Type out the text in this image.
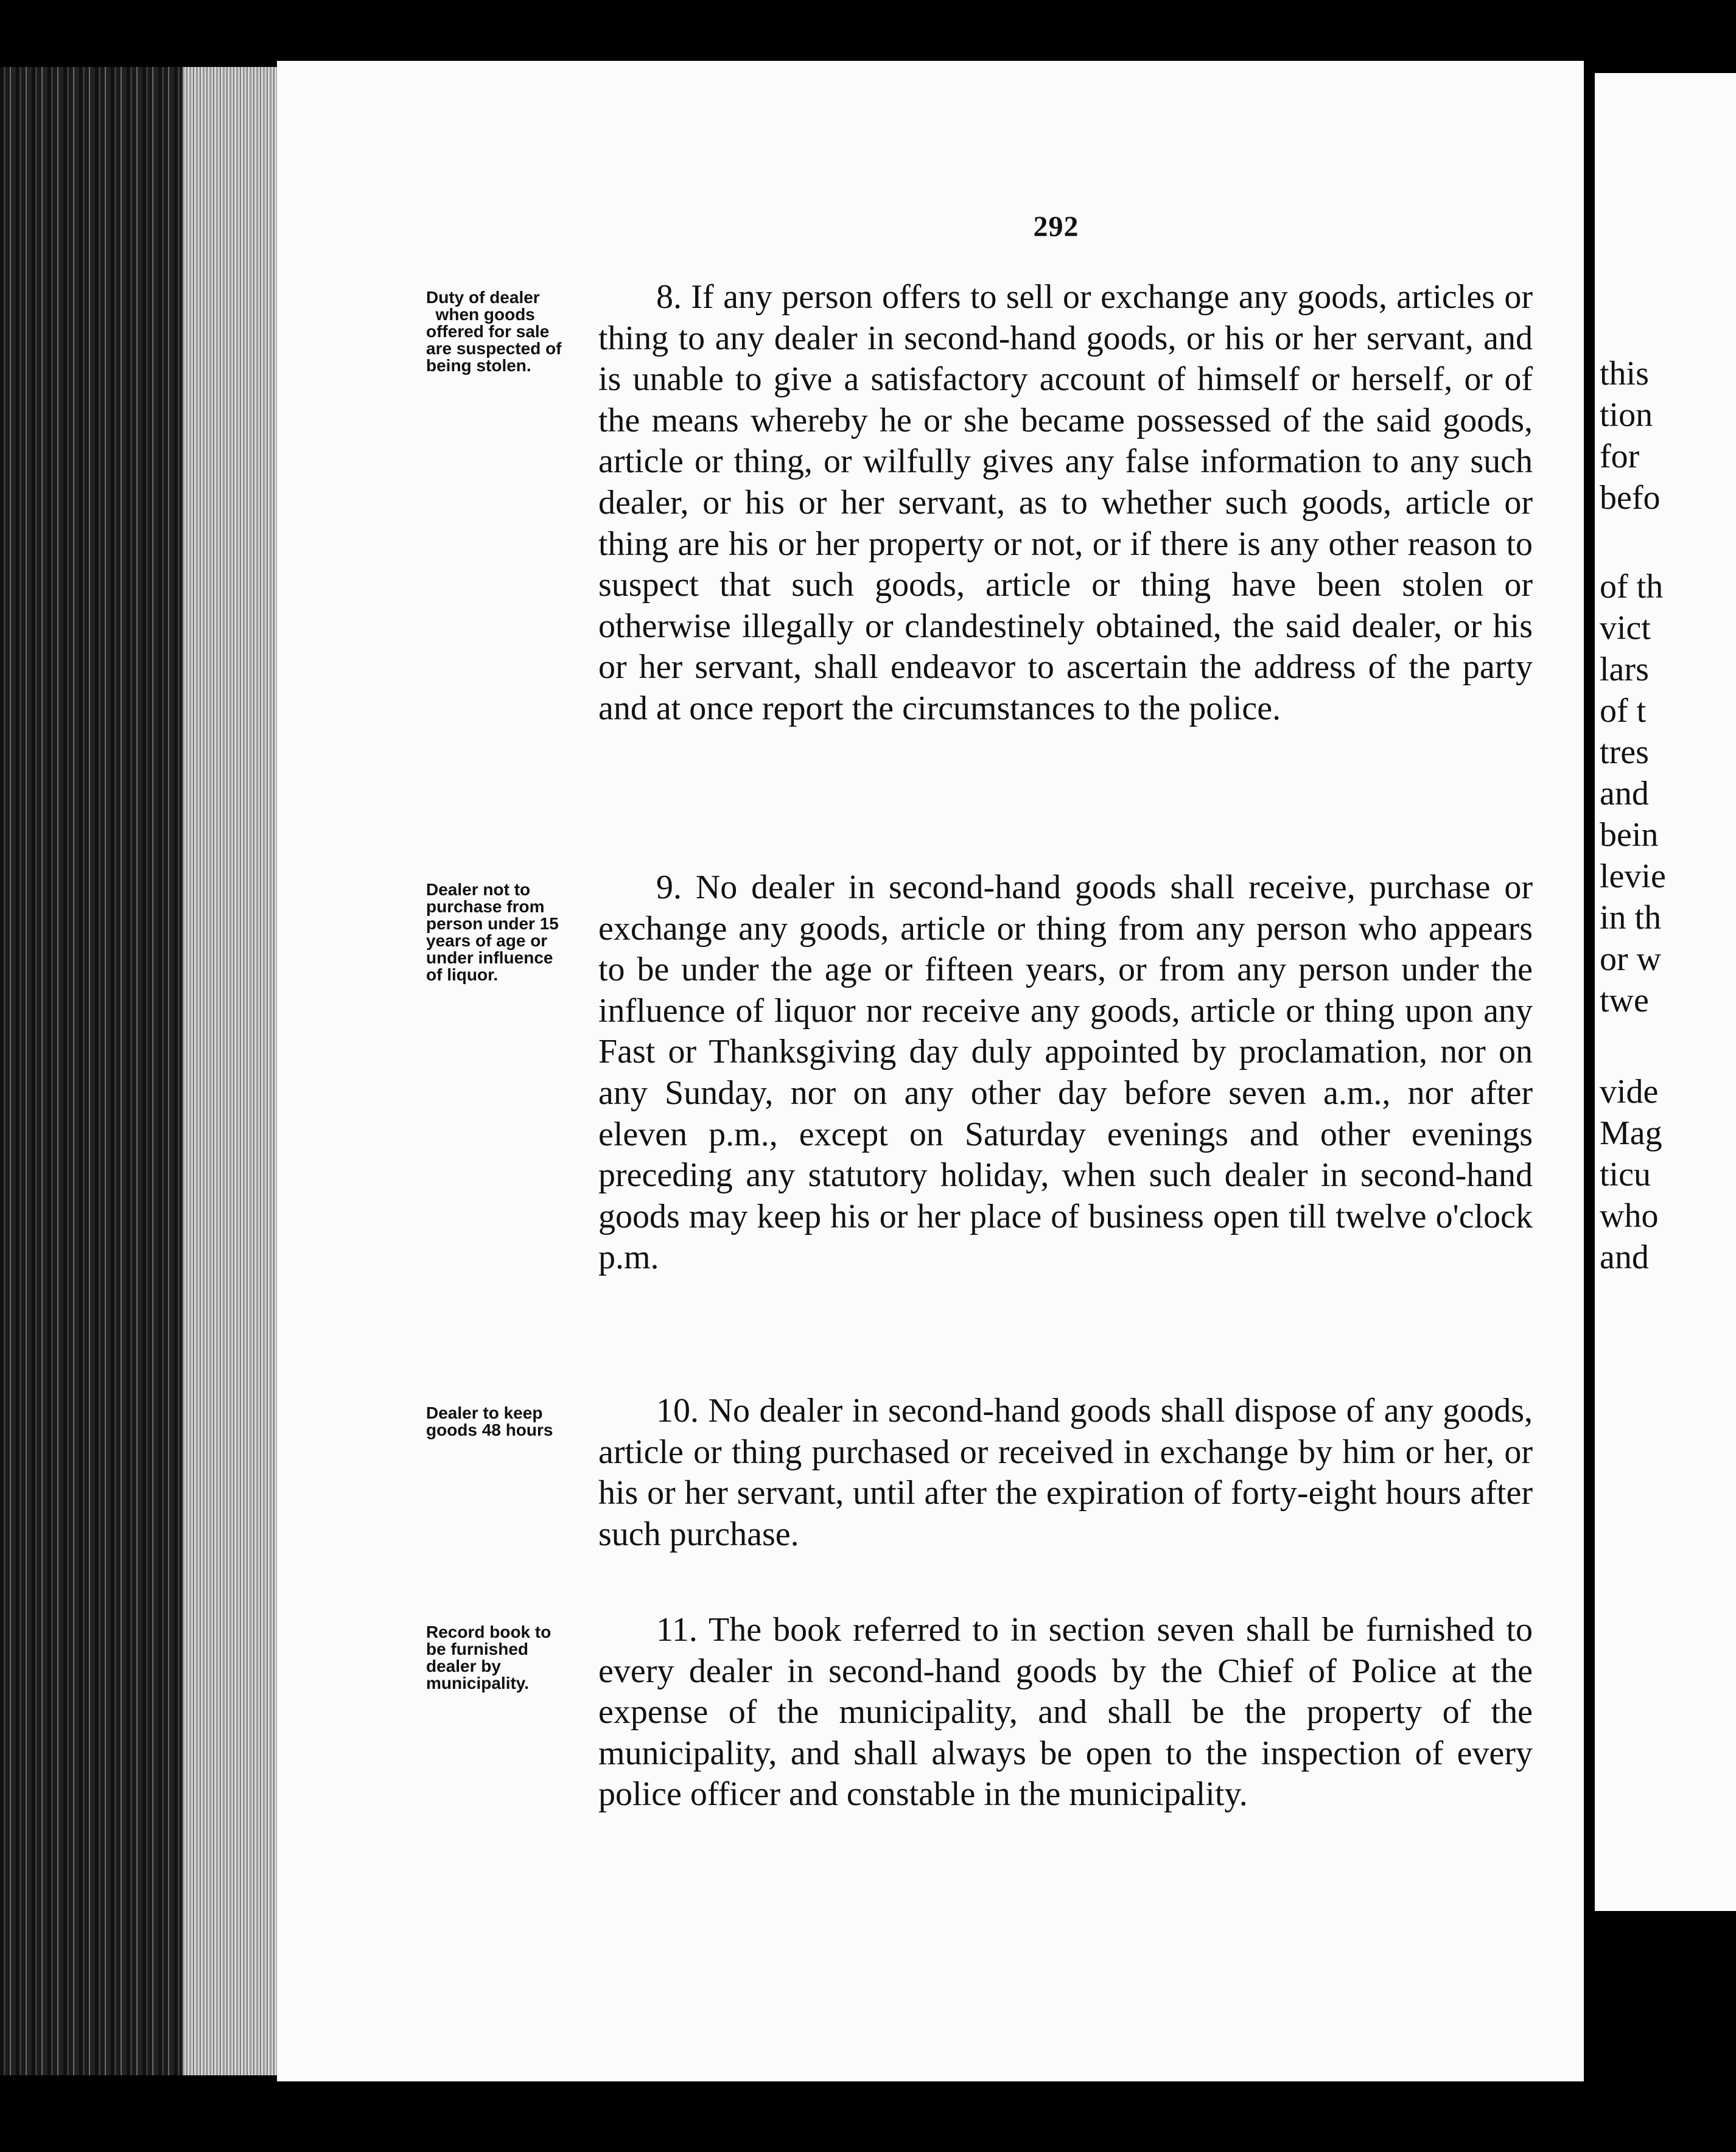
292
Duty of dealer
when goods
offered for sale
are suspected of
being stolen.

8. If any person offers to sell or exchange any goods, articles or thing to any dealer in second-hand goods, or his or her servant, and is unable to give a satisfactory account of himself or herself, or of the means whereby he or she became possessed of the said goods, article or thing, or wilfully gives any false information to any such dealer, or his or her servant, as to whether such goods, article or thing are his or her property or not, or if there is any other reason to suspect that such goods, article or thing have been stolen or otherwise illegally or clandestinely obtained, the said dealer, or his or her servant, shall endeavor to ascertain the address of the party and at once report the circumstances to the police.

Dealer not to
purchase from
person under 15
years of age or
under influence
of liquor.

9. No dealer in second-hand goods shall receive, purchase or exchange any goods, article or thing from any person who appears to be under the age or fifteen years, or from any person under the influence of liquor nor receive any goods, article or thing upon any Fast or Thanksgiving day duly appointed by proclamation, nor on any Sunday, nor on any other day before seven a.m., nor after eleven p.m., except on Saturday evenings and other evenings preceding any statutory holiday, when such dealer in second-hand goods may keep his or her place of business open till twelve o'clock p.m.

Dealer to keep
goods 48 hours

10. No dealer in second-hand goods shall dispose of any goods, article or thing purchased or received in exchange by him or her, or his or her servant, until after the expiration of forty-eight hours after such purchase.

Record book to
be furnished
dealer by
municipality.

11. The book referred to in section seven shall be furnished to every dealer in second-hand goods by the Chief of Police at the expense of the municipality, and shall be the property of the municipality, and shall always be open to the inspection of every police officer and constable in the municipality.

this
tion
for
befo
of th
vict
lars
of t
tres
and
bein
levie
in th
or w
twe
vide
Mag
ticu
who
and
